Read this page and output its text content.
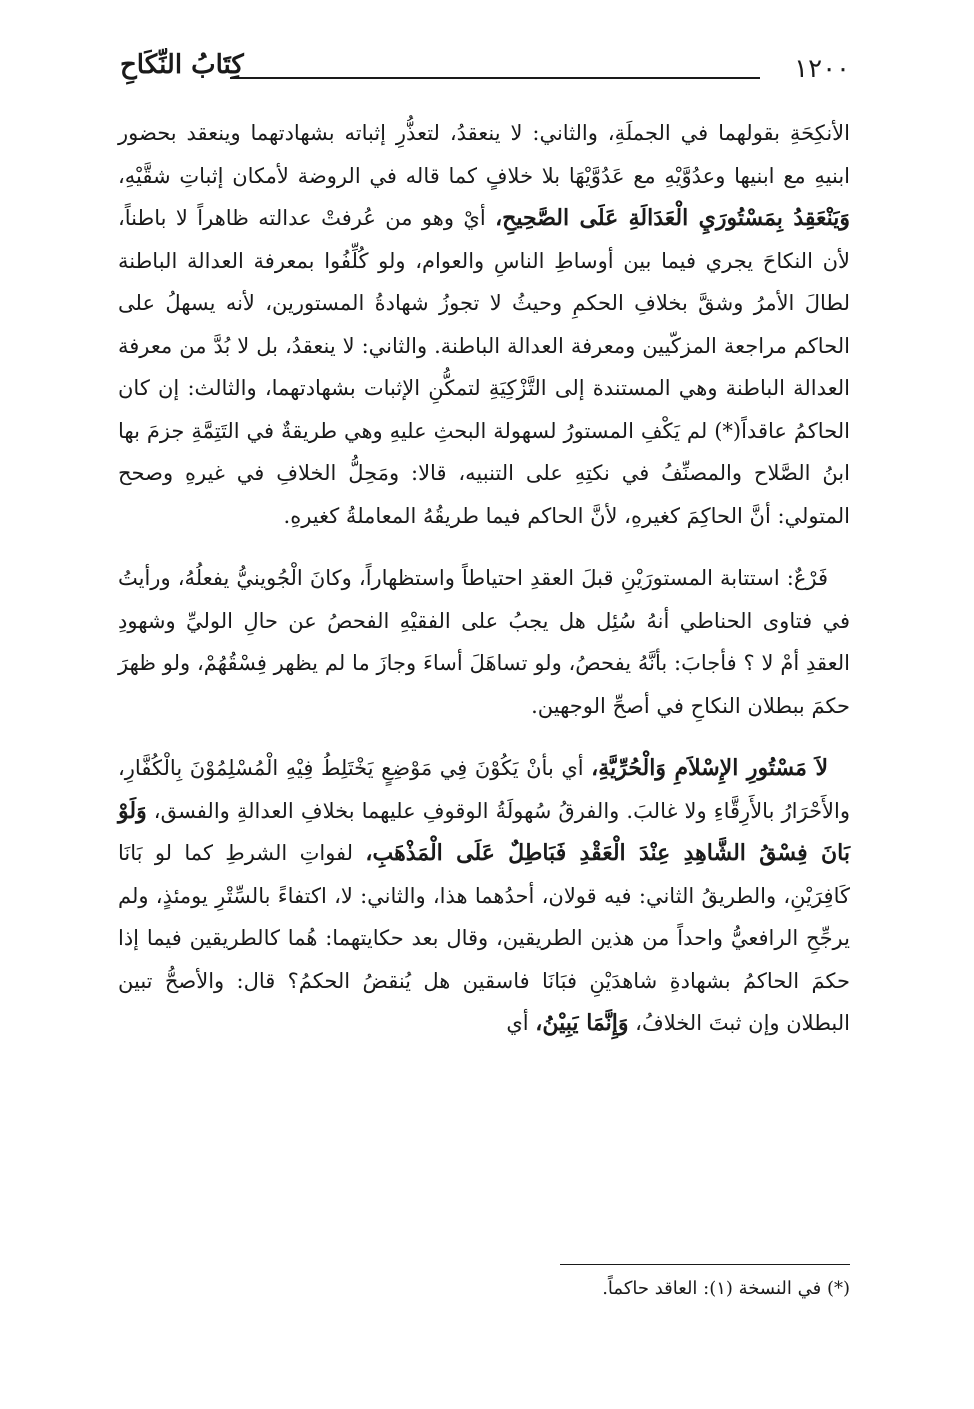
١٢٠٠
كِتَابُ النِّكَاحِ

الأنكِحَةِ بقولهما في الجملَةِ، والثاني: لا ينعقدُ، لتعذُّرِ إثباته بشهادتهما وينعقد بحضور ابنيهِ مع ابنيها وعدُوَّيْهِ مع عَدُوَّيْهَا بلا خلافٍ كما قاله في الروضة لأمكان إثباتِ شقَّيْهِ، وَيَنْعَقِدُ بِمَسْتُورَيِ الْعَدَالَةِ عَلَى الصَّحِيحِ، أيْ وهو من عُرفتْ عدالته ظاهراً لا باطناً، لأن النكاحَ يجري فيما بين أوساطِ الناسِ والعوام، ولو كُلِّفُوا بمعرفة العدالة الباطنة لطالَ الأمرُ وشقَّ بخلافِ الحكمِ وحيثُ لا تجوزُ شهادةُ المستورين، لأنه يسهلُ على الحاكم مراجعة المزكّيين ومعرفة العدالة الباطنة. والثاني: لا ينعقدُ، بل لا بُدَّ من معرفة العدالة الباطنة وهي المستندة إلى التَّزْكِيَةِ لتمكُّنِ الإثبات بشهادتهما، والثالث: إن كان الحاكمُ عاقداً(*) لم يَكْفِ المستورُ لسهولة البحثِ عليهِ وهي طريقةٌ في التَتِمَّةِ جزمَ بها ابنُ الصَّلاح والمصنِّفُ في نكتِهِ على التنبيه، قالا: ومَحِلُّ الخلافِ في غيرهِ وصحح المتولي: أنَّ الحاكِمَ كغيرهِ، لأنَّ الحاكم فيما طريقُهُ المعاملةُ كغيرهِ.

فَرْعٌ: استتابة المستورَيْنِ قبلَ العقدِ احتياطاً واستظهاراً، وكانَ الْجُوينيُّ يفعلُهُ، ورأيتُ في فتاوى الحناطي أنهُ سُئِل هل يجبُ على الفقيْهِ الفحصُ عن حالِ الوليِّ وشهودِ العقدِ أمْ لا ؟ فأجابَ: بأنَّهُ يفحصُ، ولو تساهَلَ أساءَ وجازَ ما لم يظهر فِسْقُهُمْ، ولو ظهرَ حكمَ ببطلان النكاحِ في أصحِّ الوجهين.

لاَ مَسْتُورِ الإِسْلاَمِ وَالْحُرِّيَّةِ، أي بأنْ يَكُوْنَ فِي مَوْضِعٍ يَخْتَلِطُ فِيْهِ الْمُسْلِمُوْنَ بِالْكُفَّارِ، والأَحْرَارُ بالأَرِقَّاءِ ولا غالبَ. والفرقُ سُهولَةُ الوقوفِ عليهما بخلافِ العدالةِ والفسق، وَلَوْ بَانَ فِسْقُ الشَّاهِدِ عِنْدَ الْعَقْدِ فَبَاطِلٌ عَلَى الْمَذْهَبِ، لفواتِ الشرطِ كما لو بَانَا كَافِرَيْنِ، والطريقُ الثاني: فيه قولان، أحدُهما هذا، والثاني: لا، اكتفاءً بالسِّتْرِ يومئذٍ، ولم يرجِّحِ الرافعيُّ واحداً من هذين الطريقين، وقال بعد حكايتهما: هُما كالطريقين فيما إذا حكمَ الحاكمُ بشهادةِ شاهدَيْنِ فبَانَا فاسقين هل يُنقضُ الحكمُ؟ قال: والأصحُّ تبين البطلان وإن ثبتَ الخلافُ، وَإِنَّمَا يَبِيْنُ، أي

(*) في النسخة (١): العاقد حاكماً.
